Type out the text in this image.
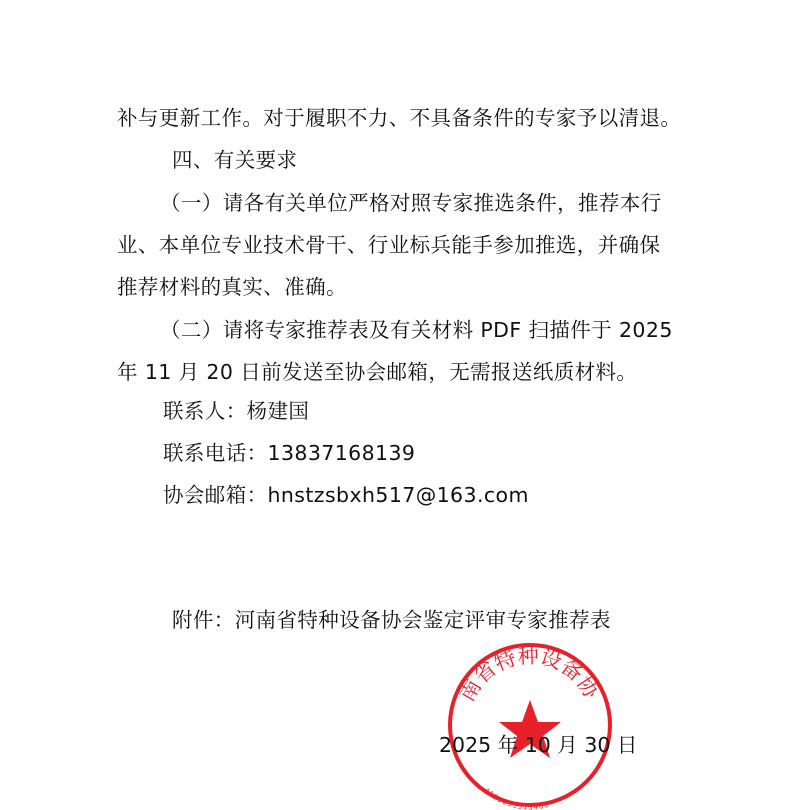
补与更新工作。对于履职不力、不具备条件的专家予以清退。
四、有关要求
（一）请各有关单位严格对照专家推选条件，推荐本行
业、本单位专业技术骨干、行业标兵能手参加推选，并确保
推荐材料的真实、准确。
（二）请将专家推荐表及有关材料 PDF 扫描件于 2025
年 11 月 20 日前发送至协会邮箱，无需报送纸质材料。
联系人：杨建国
联系电话：13837168139
协会邮箱：hnstzsbxh517@163.com
附件：河南省特种设备协会鉴定评审专家推荐表
南省特种设备协
4101055313466
2025 年 10 月 30 日
